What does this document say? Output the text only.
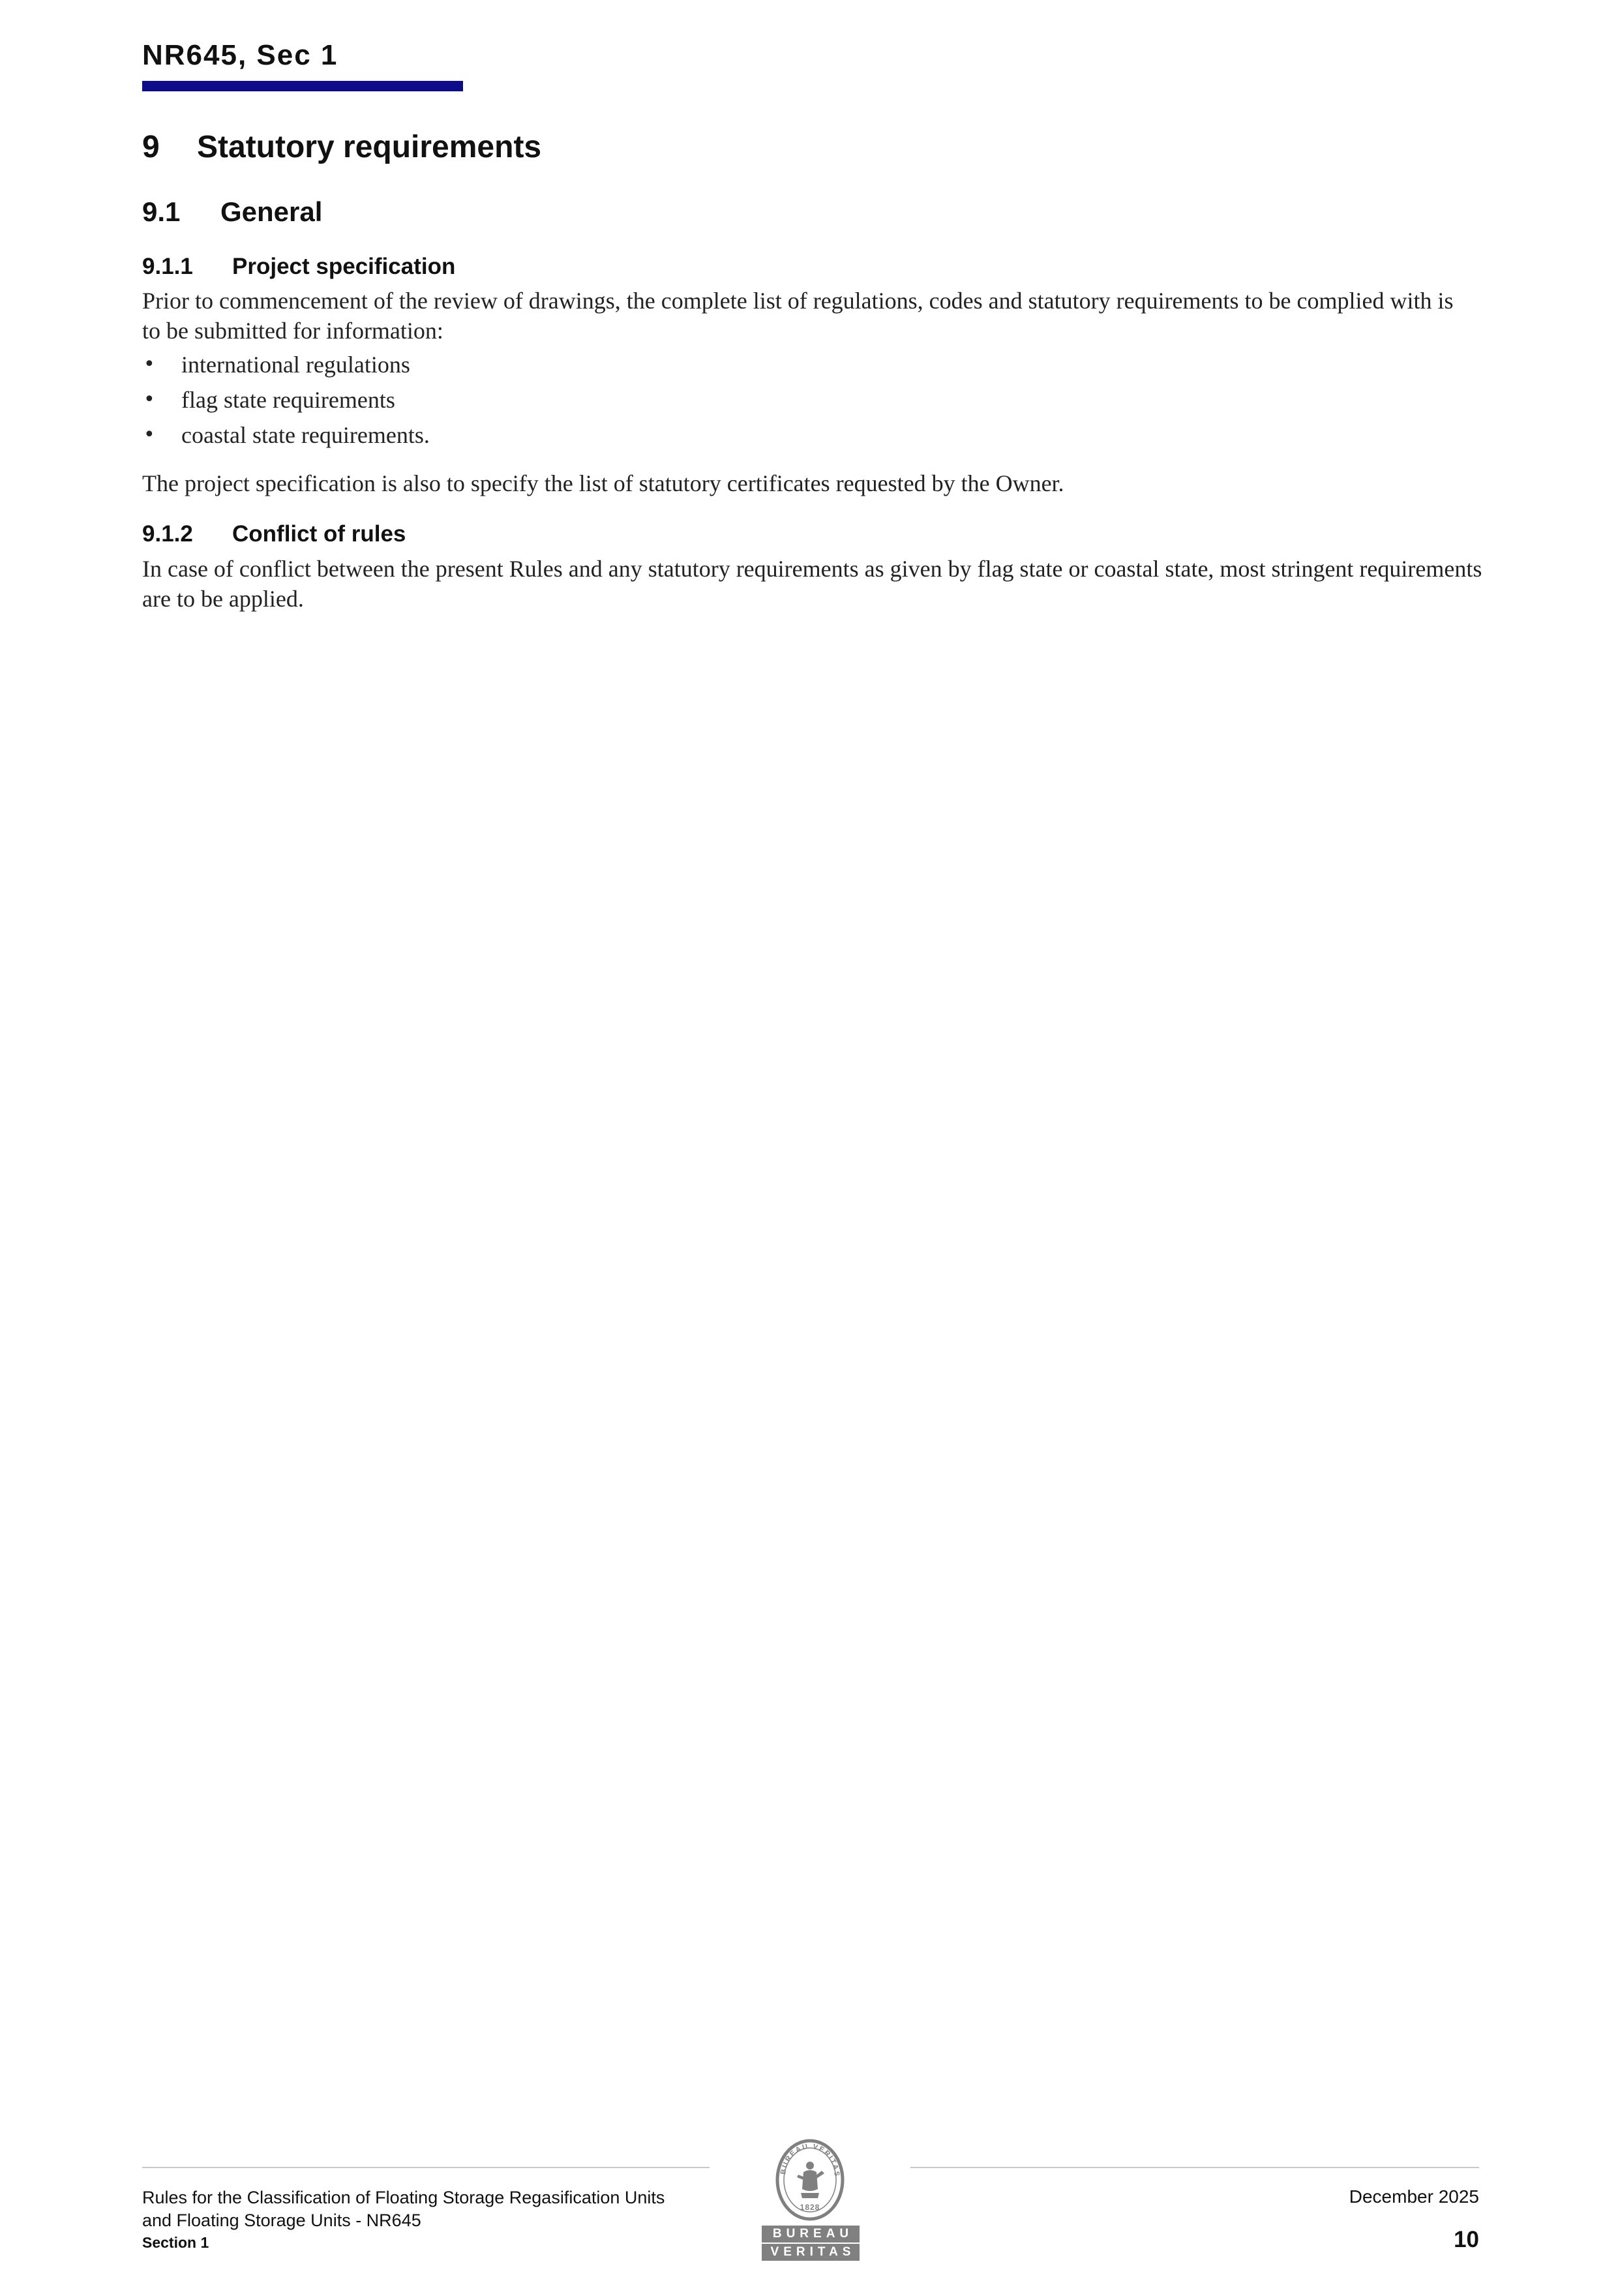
NR645, Sec 1

9 Statutory requirements
9.1 General
9.1.1 Project specification

Prior to commencement of the review of drawings, the complete list of regulations, codes and statutory requirements to be complied with is to be submitted for information:

• international regulations
• flag state requirements
• coastal state requirements.

The project specification is also to specify the list of statutory certificates requested by the Owner.

9.1.2 Conflict of rules

In case of conflict between the present Rules and any statutory requirements as given by flag state or coastal state, most stringent requirements are to be applied.

Rules for the Classification of Floating Storage Regasification Units
and Floating Storage Units - NR645

Section 1

December 2025

10

BUREAU VERITAS
1828
BUREAU
VERITAS
